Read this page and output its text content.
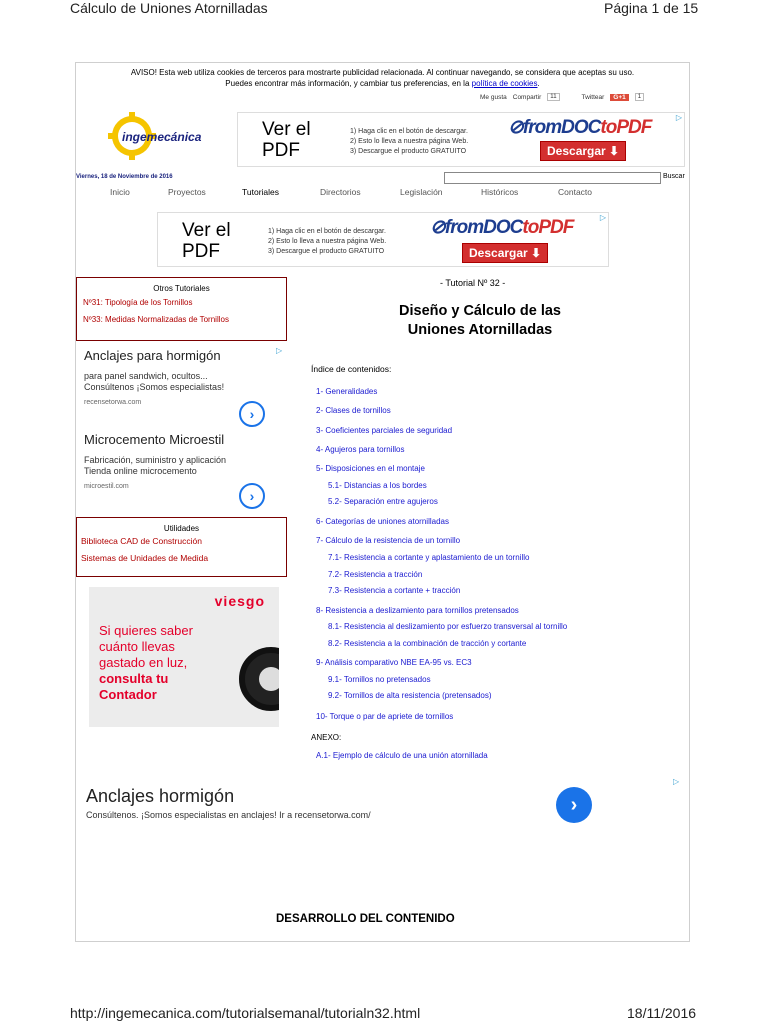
Cálculo de Uniones Atornilladas	Página 1 de 15
AVISO! Esta web utiliza cookies de terceros para mostrarte publicidad relacionada. Al continuar navegando, se considera que aceptas su uso.
Puedes encontrar más información, y cambiar tus preferencias, en la política de cookies.
Me gusta Compartir	11	Twittear	G+1	1
ingemecánica	Ver el
PDF
1) Haga clic en el botón de descargar.
2) Esto lo lleva a nuestra página Web.
3) Descargue el producto GRATUITO
⊘fromDOCtoPDF
Descargar ⬇
▷
Viernes, 18 de Noviembre de 2016	Buscar
Inicio	Proyectos	Tutoriales	Directorios	Legislación	Históricos	Contacto
Ver el
PDF
1) Haga clic en el botón de descargar.
2) Esto lo lleva a nuestra página Web.
3) Descargue el producto GRATUITO
⊘fromDOCtoPDF
Descargar ⬇
▷
Otros Tutoriales
Nº31: Tipología de los Tornillos
Nº33: Medidas Normalizadas de Tornillos
Anclajes para hormigón
para panel sandwich, ocultos...
Consúltenos ¡Somos especialistas!
recensetorwa.com
›
▷
Microcemento Microestil
Fabricación, suministro y aplicación
Tienda online microcemento
microestil.com
›
Utilidades
Biblioteca CAD de Construcción
Sistemas de Unidades de Medida
viesgo
Si quieres saber
cuánto llevas
gastado en luz,
consulta tu
Contador
- Tutorial Nº 32 -
Diseño y Cálculo de las
Uniones Atornilladas
Índice de contenidos:
1- Generalidades
2- Clases de tornillos
3- Coeficientes parciales de seguridad
4- Agujeros para tornillos
5- Disposiciones en el montaje
5.1- Distancias a los bordes
5.2- Separación entre agujeros
6- Categorías de uniones atornilladas
7- Cálculo de la resistencia de un tornillo
7.1- Resistencia a cortante y aplastamiento de un tornillo
7.2- Resistencia a tracción
7.3- Resistencia a cortante + tracción
8- Resistencia a deslizamiento para tornillos pretensados
8.1- Resistencia al deslizamiento por esfuerzo transversal al tornillo
8.2- Resistencia a la combinación de tracción y cortante
9- Análisis comparativo NBE EA-95 vs. EC3
9.1- Tornillos no pretensados
9.2- Tornillos de alta resistencia (pretensados)
10- Torque o par de apriete de tornillos
ANEXO:
A.1- Ejemplo de cálculo de una unión atornillada
▷
Anclajes hormigón
Consúltenos. ¡Somos especialistas en anclajes! Ir a recensetorwa.com/	›
DESARROLLO DEL CONTENIDO
http://ingemecanica.com/tutorialsemanal/tutorialn32.html	18/11/2016
